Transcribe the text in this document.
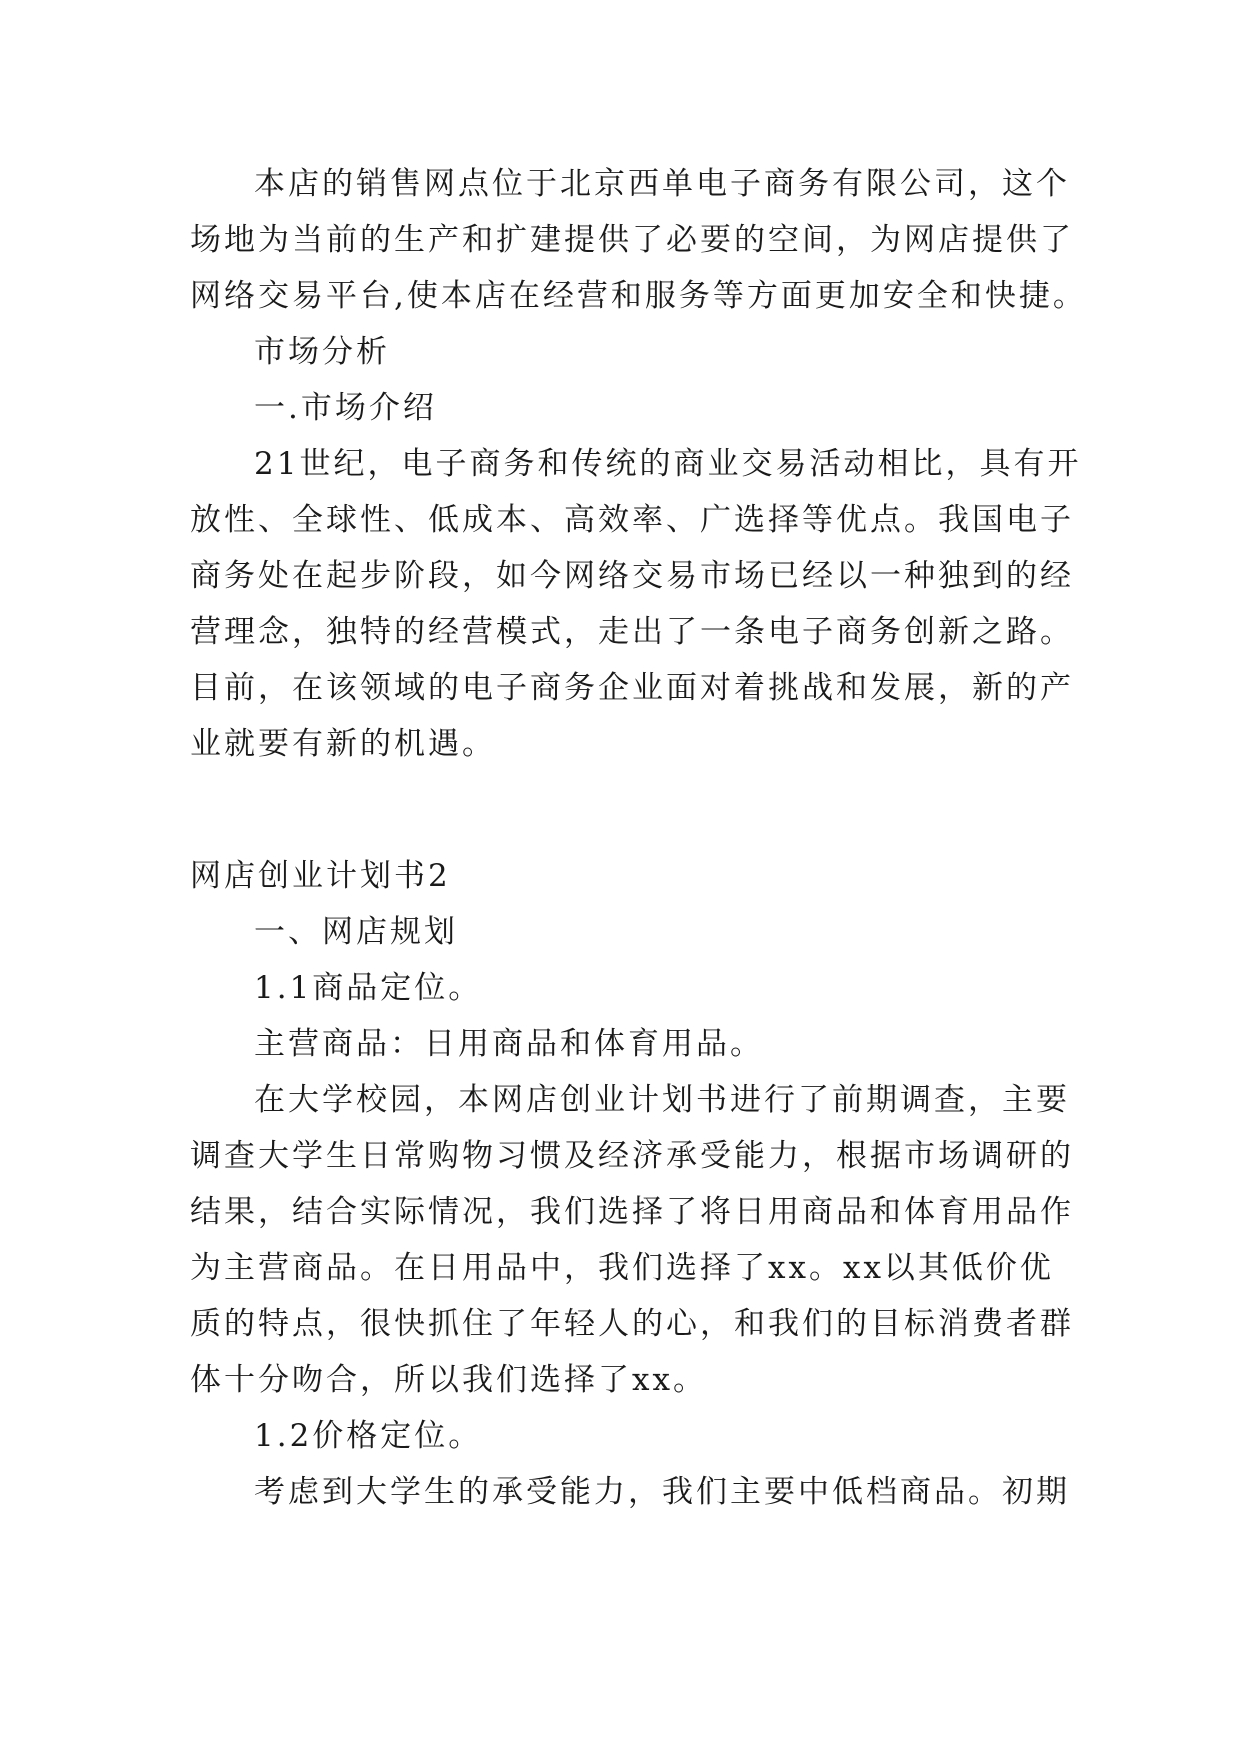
本店的销售网点位于北京西单电子商务有限公司，这个
场地为当前的生产和扩建提供了必要的空间，为网店提供了
网络交易平台,使本店在经营和服务等方面更加安全和快捷。
市场分析
一.市场介绍
21世纪，电子商务和传统的商业交易活动相比，具有开
放性、全球性、低成本、高效率、广选择等优点。我国电子
商务处在起步阶段，如今网络交易市场已经以一种独到的经
营理念，独特的经营模式，走出了一条电子商务创新之路。
目前，在该领域的电子商务企业面对着挑战和发展，新的产
业就要有新的机遇。
网店创业计划书2
一、网店规划
1.1商品定位。
主营商品：日用商品和体育用品。
在大学校园，本网店创业计划书进行了前期调查，主要
调查大学生日常购物习惯及经济承受能力，根据市场调研的
结果，结合实际情况，我们选择了将日用商品和体育用品作
为主营商品。在日用品中，我们选择了xx。xx以其低价优
质的特点，很快抓住了年轻人的心，和我们的目标消费者群
体十分吻合，所以我们选择了xx。
1.2价格定位。
考虑到大学生的承受能力，我们主要中低档商品。初期
